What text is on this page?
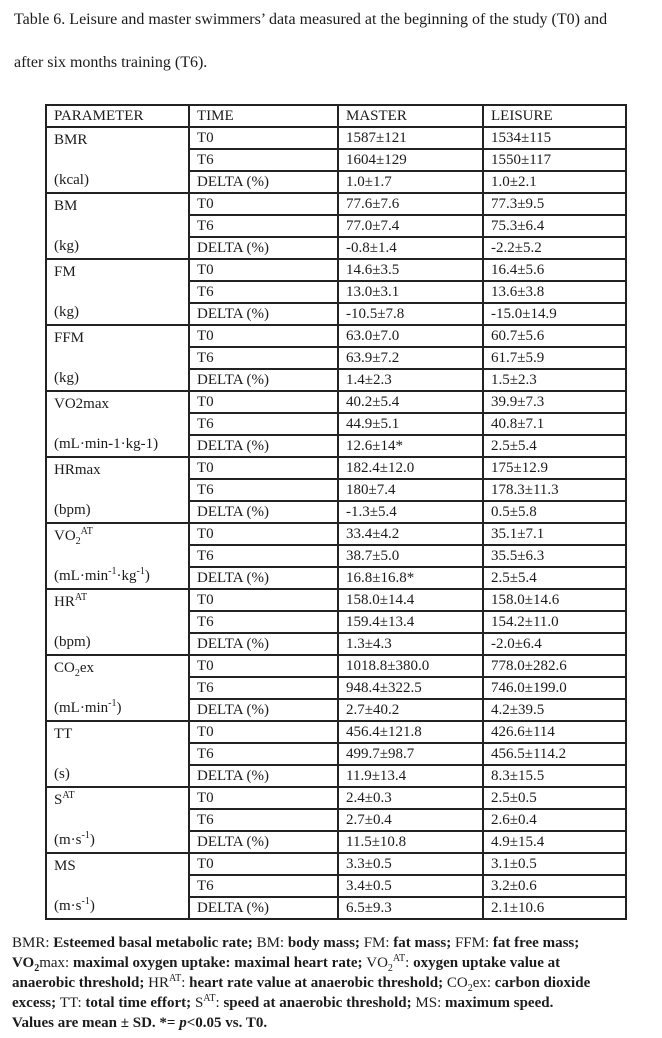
Table 6. Leisure and master swimmers’ data measured at the beginning of the study (T0) and
after six months training (T6).
PARAMETER	TIME	MASTER	LEISURE

BMR
(kcal)	T0	1587±121	1534±115
	T6	1604±129	1550±117
	DELTA (%)	1.0±1.7	1.0±2.1

BM
(kg)	T0	77.6±7.6	77.3±9.5
	T6	77.0±7.4	75.3±6.4
	DELTA (%)	-0.8±1.4	-2.2±5.2

FM
(kg)	T0	14.6±3.5	16.4±5.6
	T6	13.0±3.1	13.6±3.8
	DELTA (%)	-10.5±7.8	-15.0±14.9

FFM
(kg)	T0	63.0±7.0	60.7±5.6
	T6	63.9±7.2	61.7±5.9
	DELTA (%)	1.4±2.3	1.5±2.3

VO2max
(mL·min-1·kg-1)	T0	40.2±5.4	39.9±7.3
	T6	44.9±5.1	40.8±7.1
	DELTA (%)	12.6±14*	2.5±5.4

HRmax
(bpm)	T0	182.4±12.0	175±12.9
	T6	180±7.4	178.3±11.3
	DELTA (%)	-1.3±5.4	0.5±5.8

$VO_2^{AT}$
$(mL\cdot\min^{-1}\cdot kg^{-1})$	T0	33.4±4.2	35.1±7.1
	T6	38.7±5.0	35.5±6.3
	DELTA (%)	16.8±16.8*	2.5±5.4

$HR^{AT}$
(bpm)	T0	158.0±14.4	158.0±14.6
	T6	159.4±13.4	154.2±11.0
	DELTA (%)	1.3±4.3	-2.0±6.4

$CO_2ex$
$(mL\cdot\min^{-1})$	T0	1018.8±380.0	778.0±282.6
	T6	948.4±322.5	746.0±199.0
	DELTA (%)	2.7±40.2	4.2±39.5

TT
(s)	T0	456.4±121.8	426.6±114
	T6	499.7±98.7	456.5±114.2
	DELTA (%)	11.9±13.4	8.3±15.5

$S^{AT}$
$(m\cdot s^{-1})$	T0	2.4±0.3	2.5±0.5
	T6	2.7±0.4	2.6±0.4
	DELTA (%)	11.5±10.8	4.9±15.4

MS
$(m\cdot s^{-1})$	T0	3.3±0.5	3.1±0.5
	T6	3.4±0.5	3.2±0.6
	DELTA (%)	6.5±9.3	2.1±10.6
BMR: Esteemed basal metabolic rate; BM: body mass; FM: fat mass; FFM: fat free mass;
$VO_2\max$: maximal oxygen uptake: maximal heart rate; $VO_2^{AT}$: oxygen uptake value at
anaerobic threshold; $HR^{AT}$: heart rate value at anaerobic threshold; $CO_2ex$: carbon dioxide
excess; TT: total time effort; $S^{AT}$: speed at anaerobic threshold; MS: maximum speed.
Values are mean ± SD. *= p<0.05 vs. T0.
